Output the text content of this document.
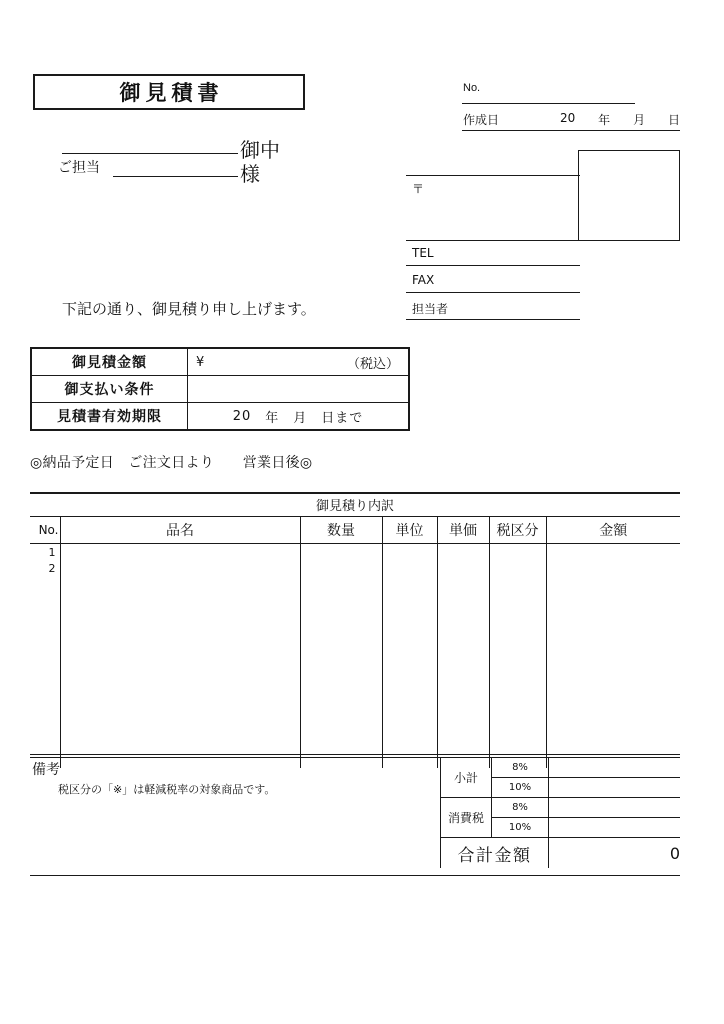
御見積書
御中
ご担当	様
下記の通り、御見積り申し上げます。
No.
作成日	20 年 月 日
〒
TEL
FAX
担当者
御見積金額	¥ （税込）

御支払い条件	
見積書有効期限	20 年 月 日まで
◎納品予定日　ご注文日より　　営業日後◎
御見積り内訳
No.	品名	数量	単位	単価	税区分	金額
1						
2						

備考
税区分の「※」は軽減税率の対象商品です。
小計	8%	
	10%	
消費税	8%	
	10%	
合計金額		0
